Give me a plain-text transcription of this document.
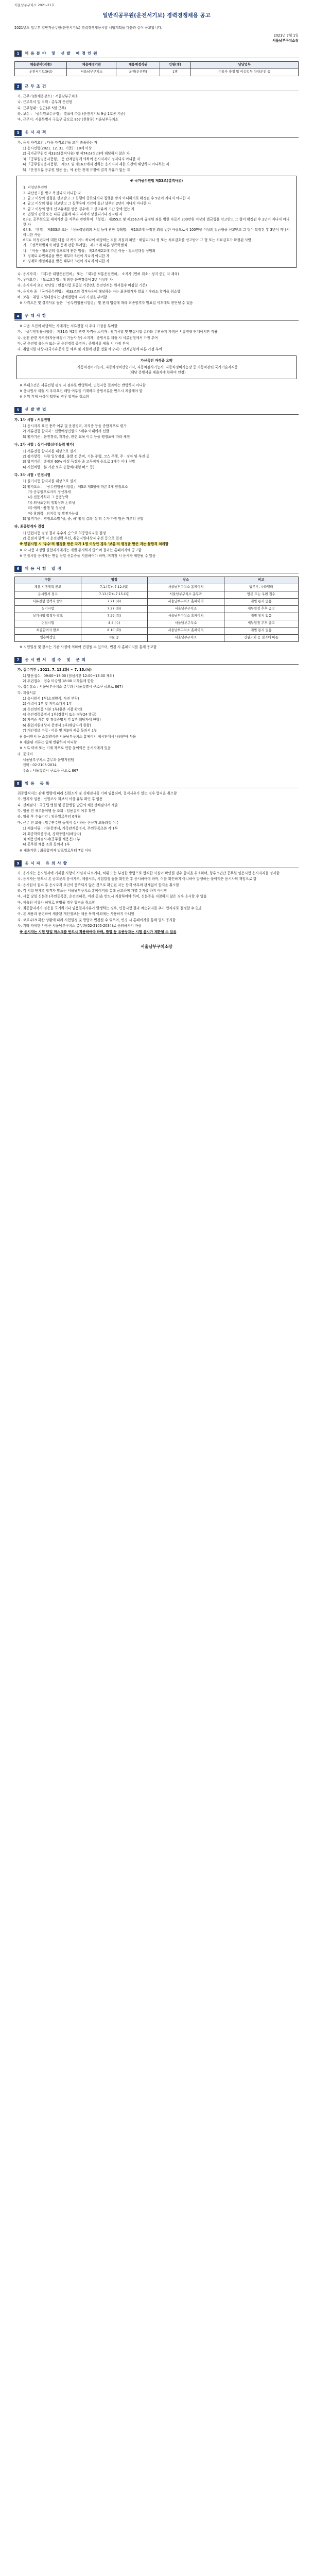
서울남부구치소 2021-21호
일반직공무원(운전서기보) 경력경쟁채용 공고
2021년도 법무부 일반직공무원(운전서기보) 경력경쟁채용시험 시행계획을 다음과 같이 공고합니다.
2021년 7월 1일
서울남부구치소장
1	채용분야 및 선발 예정인원
채용분야(직종)	채용예정기관	채용예정직위	인원(명)	담당업무
운전서기보(9급)	서울남부구치소	운전(운전원)	1명	수용자 출정 및 이송업무 차량운전 등
2	근무조건
가. 근무기관(채용장소) : 서울남부구치소
나. 근무부서 및 직위 : 총무과 운전원
다. 근무형태 : 일근(주 5일 근무)
라. 보수 : 「공무원보수규정」 별표에 따름 (운전서기보 9급 1호봉 기준)
마. 근무지: 서울특별시 구로구 금오로 867 (천왕동) 서울남부구치소
3	응시자격
가. 응시 자격요건 : 다음 자격요건을 모두 충족하는 자
1) 응시연령(2021. 12. 31. 기준) : 18세 이상
2) 국가공무원법 제33조(결격사유) 및 제74조(정년)에 해당하지 않은 자
3) 「공무원임용시험령」 등 관계법령에 의하여 응시자격이 정지되지 아니한 자
4) 「공무원임용시험령」 제9조 및 제16조에서 정하는 응시자격 제한 요건에 해당하지 아니하는 자
5) 「운전직류 공무원 임용 등」에 관한 관계 규정에 결격 사유가 없는 자
※ 국가공무원법 제33조(결격사유)
1. 피성년후견인
2. 파산선고를 받고 복권되지 아니한 자
3. 금고 이상의 실형을 선고받고 그 집행이 종료되거나 집행을 받지 아니하기로 확정된 후 5년이 지나지 아니한 자
4. 금고 이상의 형을 선고받고 그 집행유예 기간이 끝난 날부터 2년이 지나지 아니한 자
5. 금고 이상의 형의 선고유예를 받은 경우에 그 선고유예 기간 중에 있는 자
6. 법원의 판결 또는 다른 법률에 따라 자격이 상실되거나 정지된 자
6의2. 공무원으로 재직기간 중 직무와 관련하여 「형법」 제355조 및 제356조에 규정된 죄를 범한 자로서 300만원 이상의 벌금형을 선고받고 그 형이 확정된 후 2년이 지나지 아니한 자
6의3. 「형법」 제303조 또는 「성폭력범죄의 처벌 등에 관한 특례법」 제10조에 규정된 죄를 범한 사람으로서 100만원 이상의 벌금형을 선고받고 그 형이 확정된 후 3년이 지나지 아니한 사람
6의4. 미성년자에 대한 다음 각 목의 어느 하나에 해당하는 죄를 저질러 파면ㆍ해임되거나 형 또는 치료감호를 선고받아 그 형 또는 치료감호가 확정된 사람
가. 「성폭력범죄의 처벌 등에 관한 특례법」 제2조에 따른 성폭력범죄
나. 「아동ㆍ청소년의 성보호에 관한 법률」 제2조제2호에 따른 아동ㆍ청소년대상 성범죄
7. 징계로 파면처분을 받은 때부터 5년이 지나지 아니한 자
8. 징계로 해임처분을 받은 때부터 3년이 지나지 아니한 자
나. 응시자격 : 「제1종 대형운전면허」 또는 「제1종 보통운전면허」 소지자 (면허 취소ㆍ정지 중인 자 제외)
다. 우대요건 : 「도로교통법」에 의한 운전경력이 2년 이상인 자
라. 응시자격 요건 판단일 : 면접시험 최종일 기준(단, 운전면허는 원서접수 마감일 기준)
마. 응시자 중 「국가공무원법」 제33조의 결격사유에 해당하는 자는 최종합격자 발표 이후라도 합격을 취소함
바. 보훈ㆍ취업 지원대상자는 관계법령에 따라 가점을 부여함
※ 자격요건 및 결격사유 등은 「공무원임용시험령」 및 관계 법령에 따라 최종합격자 발표일 이후에도 판단될 수 있음
4	우대사항
※ 다음 요건에 해당하는 자에게는 서류전형 시 우대 가점을 부여함
가. 「공무원임용시험령」 제31조 제2항 관련 자격증 소지자 : 필기시험 및 면접시험 결과와 무관하게 가점은 서류전형 단계에서만 적용
나. 운전 관련 자격증(자동차정비 기능사 등) 소지자 : 증빙서류 제출 시 서류전형에서 가점 부여
다. 군 운전병 출신자 또는 군 운전경력 증명자 : 증빙서류 제출 시 가점 부여
라. 취업지원 대상자(국가유공자 등 예우 및 지원에 관한 법률 해당자) : 관계법령에 따른 가점 부여
가산특전 자격증 요약
자동차정비기능사, 자동차정비산업기사, 자동차검사기능사, 자동차정비기능장 등 자동차관련 국가기술자격증
(해당 증빙서류 제출자에 한하여 인정)
※ 우대요건은 서류전형 평정 시 점수로 반영하며, 면접시험 결과에는 반영하지 아니함
※ 응시원서 제출 시 우대요건 해당 여부를 기재하고 증빙서류를 반드시 제출해야 함
※ 허위 기재 사실이 확인될 경우 합격을 취소함
5	선발방법
가. 1차 시험 : 서류전형
1) 응시자격 요건 충족 여부 및 운전경력, 자격증 등을 종합적으로 평가
2) 서류전형 합격자 : 선발예정인원의 5배수 이내에서 선발
3) 평가기준 : 운전경력, 자격증, 관련 교육 이수 등을 평정표에 따라 채점
나. 2차 시험 : 실기시험(운전능력 평가)
1) 서류전형 합격자를 대상으로 실시
2) 평가항목 : 차량 일상점검, 출발 전 준비, 기본 주행, 코스 주행, 주ㆍ정차 및 후진 등
3) 합격기준 : 총점의 60% 이상 득점자 중 고득점자 순으로 3배수 이내 선발
4) 시험차량 : 본 기관 보유 승합차(대형 버스 등)
다. 3차 시험 : 면접시험
1) 실기시험 합격자를 대상으로 실시
2) 평가요소 : 「공무원임용시험령」 제5조 제3항에 따른 5개 평정요소
가) 공무원으로서의 정신자세
나) 전문지식과 그 응용능력
다) 의사표현의 정확성과 논리성
라) 예의ㆍ품행 및 성실성
마) 창의력ㆍ의지력 및 발전가능성
3) 합격기준 : 평정요소별 '상, 중, 하' 평정 결과 '상'의 수가 가장 많은 자부터 선발
라. 최종합격자 결정
1) 면접시험 평정 결과 우수자 순으로 최종합격자를 결정
2) 동점자 발생 시 운전경력 우선, 취업지원대상자 우선 등으로 결정
※ 면접시험 시 '우수'의 평정을 받은 자가 1명 이상인 경우 '보통'의 평정을 받은 자는 불합격 처리함
※ 각 시험 과정별 불합격자에게는 개별 통지하지 않으며 결과는 홈페이지에 공고함
※ 면접시험 응시자는 면접 당일 신분증을 지참하여야 하며, 미지참 시 응시가 제한될 수 있음
6	채용시험 일정
구분	일정	장소	비고
채용 시행계획 공고	7.1.(목)~7.12.(월)	서울남부구치소 홈페이지	법무부, 나라일터
응시원서 접수	7.13.(화)~7.15.(목)	서울남부구치소 총무과	방문 또는 우편 접수
서류전형 합격자 발표	7.21.(수)	서울남부구치소 홈페이지	개별 통지 없음
실기시험	7.27.(화)	서울남부구치소	세부일정 추후 공고
실기시험 합격자 발표	7.29.(목)	서울남부구치소 홈페이지	개별 통지 없음
면접시험	8.4.(수)	서울남부구치소	세부일정 추후 공고
최종합격자 발표	8.10.(화)	서울남부구치소 홈페이지	개별 통지 없음
임용예정일	8월 중	서울남부구치소	신원조회 등 결과에 따름
※ 시험일정 및 장소는 기관 사정에 의하여 변경될 수 있으며, 변경 시 홈페이지를 통해 공고함
7	응시원서 접수 및 문의
가. 접수기간 : 2021. 7. 13.(화) ~ 7. 15.(목)
1) 방문접수 : 09:00~18:00 (점심시간 12:00~13:00 제외)
2) 우편접수 : 접수 마감일 18:00 도착분에 한함
나. 접수장소 : 서울남부구치소 총무과 (서울특별시 구로구 금오로 867)
다. 제출서류
1) 응시원서 1부(소정양식, 사진 부착)
2) 이력서 1부 및 자기소개서 1부
3) 운전면허증 사본 1부(원본 지참 확인)
4) 운전경력증명서 1부(경찰서 또는 정부24 발급)
5) 자격증 사본 및 경력증명서 각 1부(해당자에 한함)
6) 취업지원대상자 증명서 1부(해당자에 한함)
7) 개인정보 수집ㆍ이용 및 제3자 제공 동의서 1부
※ 응시원서 등 소정양식은 서울남부구치소 홈페이지 게시판에서 내려받아 사용
※ 제출된 서류는 일체 반환하지 아니함
※ 서류 미비 또는 기재 착오로 인한 불이익은 응시자에게 있음
라. 문의처
서울남부구치소 총무과 운영지원팀
전화 : 02-2105-2034
주소 : 서울특별시 구로구 금오로 867
8	임용 등록
최종합격자는 관계 법령에 따라 신원조사 및 신체검사를 거쳐 임용되며, 결격사유가 있는 경우 합격을 취소함
가. 합격자 임용 : 신원조사 회보서 이상 유무 확인 후 임용
나. 신체검사 : 국공립 병원 및 종합병원 발급의 채용신체검사서 제출
다. 임용 전 채무불이행 등 조회 : 임용결격 여부 확인
라. 임용 후 수습기간 : 임용일로부터 6개월
마. 근무 전 교육 : 법무연수원 등에서 실시하는 신규자 교육과정 이수
1) 제출서류 : 기본증명서, 가족관계증명서, 주민등록초본 각 1부
2) 최종학력증명서, 경력증명서(해당자)
3) 채용신체검사서(공무원 채용용) 1부
4) 공무원 채용 조회 동의서 1부
※ 제출기한 : 최종합격자 발표일로부터 7일 이내
9	응시자 유의사항
가. 응시자는 응시원서에 기재한 사항이 사실과 다르거나, 허위 또는 부정한 방법으로 합격한 사실이 확인될 경우 합격을 취소하며, 향후 5년간 공무원 임용시험 응시자격을 정지함
나. 응시자는 반드시 본 공고문의 응시자격, 제출서류, 시험일정 등을 확인한 후 응시하여야 하며, 이를 확인하지 아니하여 발생하는 불이익은 응시자의 책임으로 함
다. 응시원서 접수 후 응시자격 요건이 충족되지 않은 것으로 확인된 자는 합격 여부와 관계없이 합격을 취소함
라. 각 시험 단계별 합격자 발표는 서울남부구치소 홈페이지를 통해 공고하며 개별 통지를 하지 아니함
마. 시험 당일 신분증 (주민등록증, 운전면허증, 여권 등)을 반드시 지참하여야 하며, 신분증을 지참하지 않은 경우 응시할 수 없음
바. 제출된 서류가 허위로 판명될 경우 합격을 취소함
사. 최종합격자가 임용을 포기하거나 임용결격사유가 발생하는 경우, 면접시험 결과 차순위자를 추가 합격자로 결정할 수 있음
아. 본 채용과 관련하여 제출된 개인정보는 채용 목적 이외에는 사용하지 아니함
자. 코로나19 확산 상황에 따라 시험일정 및 방법이 변경될 수 있으며, 변경 시 홈페이지를 통해 별도 공지함
차. 기타 자세한 사항은 서울남부구치소 총무과(02-2105-2034)로 문의하시기 바람
※ 응시자는 시험 당일 마스크를 반드시 착용하여야 하며, 발열 등 유증상자는 시험 응시가 제한될 수 있음
서울남부구치소장
